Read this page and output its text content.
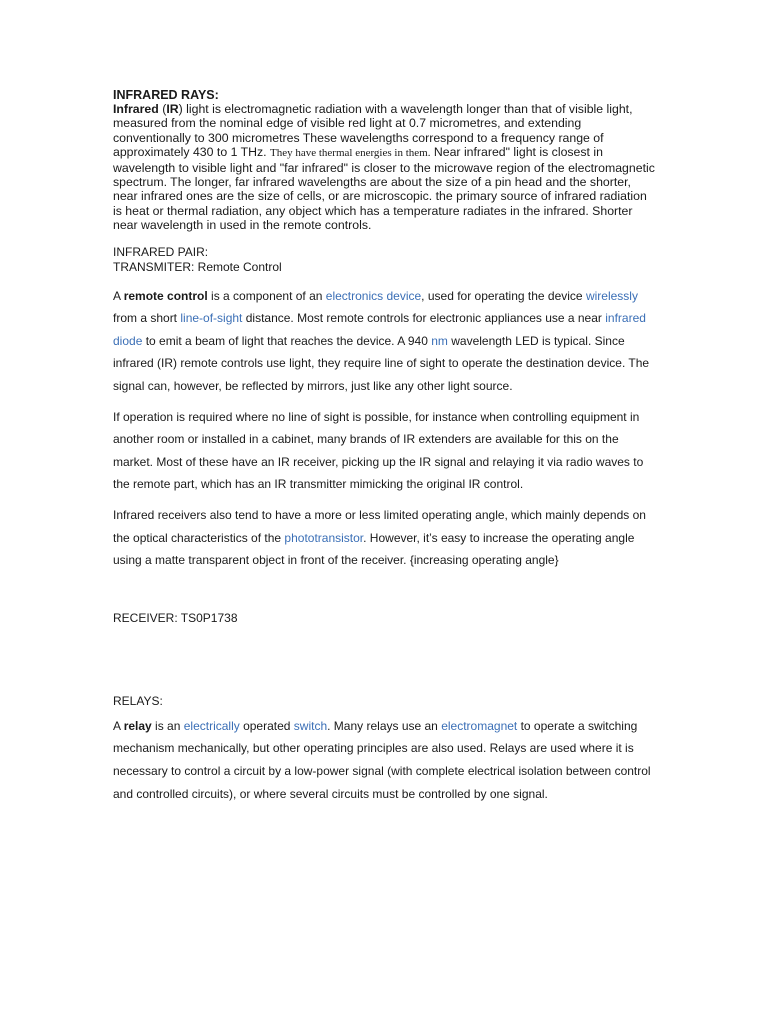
INFRARED RAYS:

Infrared (IR) light is electromagnetic radiation with a wavelength longer than that of visible light, measured from the nominal edge of visible red light at 0.7 micrometres, and extending conventionally to 300 micrometres These wavelengths correspond to a frequency range of approximately 430 to 1 THz. They have thermal energies in them. Near infrared" light is closest in wavelength to visible light and "far infrared" is closer to the microwave region of the electromagnetic spectrum. The longer, far infrared wavelengths are about the size of a pin head and the shorter, near infrared ones are the size of cells, or are microscopic. the primary source of infrared radiation is heat or thermal radiation, any object which has a temperature radiates in the infrared. Shorter near wavelength in used in the remote controls.

INFRARED PAIR:

TRANSMITER: Remote Control

A remote control is a component of an electronics device, used for operating the device wirelessly from a short line-of-sight distance. Most remote controls for electronic appliances use a near infrared diode to emit a beam of light that reaches the device. A 940 nm wavelength LED is typical. Since infrared (IR) remote controls use light, they require line of sight to operate the destination device. The signal can, however, be reflected by mirrors, just like any other light source.

If operation is required where no line of sight is possible, for instance when controlling equipment in another room or installed in a cabinet, many brands of IR extenders are available for this on the market. Most of these have an IR receiver, picking up the IR signal and relaying it via radio waves to the remote part, which has an IR transmitter mimicking the original IR control.

Infrared receivers also tend to have a more or less limited operating angle, which mainly depends on the optical characteristics of the phototransistor. However, it’s easy to increase the operating angle using a matte transparent object in front of the receiver. {increasing operating angle}

RECEIVER: TS0P1738

RELAYS:

A relay is an electrically operated switch. Many relays use an electromagnet to operate a switching mechanism mechanically, but other operating principles are also used. Relays are used where it is necessary to control a circuit by a low-power signal (with complete electrical isolation between control and controlled circuits), or where several circuits must be controlled by one signal.
